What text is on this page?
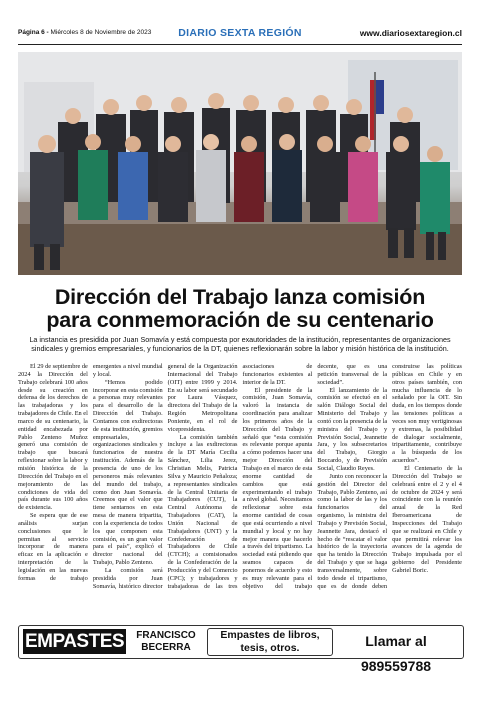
Página 6 - Miércoles 8 de Noviembre de 2023	DIARIO SEXTA REGIÓN	www.diariosextaregion.cl
Dirección del Trabajo lanza comisión
para conmemoración de su centenario
La instancia es presidida por Juan Somavía y está compuesta por exautoridades de la institución, representantes de organizaciones sindicales y gremios empresariales, y funcionarios de la DT, quienes reflexionarán sobre la labor y misión histórica de la institución.

El 29 de septiembre de 2024 la Dirección del Trabajo celebrará 100 años desde su creación en defensa de los derechos de las trabajadoras y los trabajadores de Chile. En el marco de su centenario, la entidad encabezada por Pablo Zenteno Muñoz generó una comisión de trabajo que buscará reflexionar sobre la labor y misión histórica de la Dirección del Trabajo en el mejoramiento de las condiciones de vida del país durante sus 100 años de existencia.

Se espera que de ese análisis surjan conclusiones que le permitan al servicio incorporar de manera eficaz en la aplicación e interpretación de la legislación en las nuevas formas de trabajo emergentes a nivel mundial y local.

“Hemos podido incorporar en esta comisión a personas muy relevantes para el desarrollo de la Dirección del Trabajo. Contamos con exdirectoras de esta institución, gremios empresariales, organizaciones sindicales y funcionarios de nuestra institución. Además de la presencia de uno de los personeros más relevantes del mundo del trabajo, como don Juan Somavía. Creemos que el valor que tiene sentarnos en esta mesa de manera tripartita, con la experiencia de todos los que componen esta comisión, es un gran valor para el país”, explicó el director nacional del Trabajo, Pablo Zenteno.

La comisión será presidida por Juan Somavía, histórico director general de la Organización Internacional del Trabajo (OIT) entre 1999 y 2014. En su labor será secundado por Laura Vásquez, directora del Trabajo de la Región Metropolitana Poniente, en el rol de vicepresidenta.

La comisión también incluye a las exdirectoras de la DT María Cecilia Sánchez, Lilia Jerez, Christian Melis, Patricia Silva y Mauricio Peñaloza; a representantes sindicales de la Central Unitaria de Trabajadores (CUT), la Central Autónoma de Trabajadores (CAT), la Unión Nacional de Trabajadores (UNT) y la Confederación de Trabajadores de Chile (CTCH); a comisionados de la Confederación de la Producción y del Comercio (CPC); y trabajadores y trabajadoras de las tres asociaciones de funcionarios existentes al interior de la DT.

El presidente de la comisión, Juan Somavía, valoró la instancia de coordinación para analizar los primeros años de la Dirección del Trabajo y señaló que “esta comisión es relevante porque apunta a cómo podemos hacer una mejor Dirección del Trabajo en el marco de esta enorme cantidad de cambios que está experimentando el trabajo a nivel global. Necesitamos reflexionar sobre esta enorme cantidad de cosas que está ocurriendo a nivel mundial y local y no hay mejor manera que hacerlo a través del tripartismo. La sociedad está pidiendo que seamos capaces de ponernos de acuerdo y esto es muy relevante para el objetivo del trabajo decente, que es una petición transversal de la sociedad”.

El lanzamiento de la comisión se efectuó en el salón Diálogo Social del Ministerio del Trabajo y contó con la presencia de la ministra del Trabajo y Previsión Social, Jeannette Jara, y los subsecretarios del Trabajo, Giorgio Boccardo, y de Previsión Social, Claudio Reyes.

Junto con reconocer la gestión del Director del Trabajo, Pablo Zenteno, así como la labor de las y los funcionarios del organismo, la ministra del Trabajo y Previsión Social, Jeannette Jara, destacó el hecho de “rescatar el valor histórico de la trayectoria que ha tenido la Dirección del Trabajo y que se haga transversalmente, sobre todo desde el tripartismo, que es de donde deben construirse las políticas públicas en Chile y en otros países también, con mucha influencia de lo señalado por la OIT. Sin duda, en los tiempos donde las tensiones políticas a veces son muy vertiginosas y extremas, la posibilidad de dialogar socialmente, tripartitamente, contribuye a la búsqueda de los acuerdos”.

El Centenario de la Dirección del Trabajo se celebrará entre el 2 y el 4 de octubre de 2024 y será coincidente con la reunión anual de la Red Iberoamericana de Inspecciones del Trabajo que se realizará en Chile y que permitirá relevar los avances de la agenda de Trabajo impulsada por el gobierno del Presidente Gabriel Boric.

EMPASTES	FRANCISCO BECERRA
Empastes de libros, tesis, otros.	Llamar al 989559788
